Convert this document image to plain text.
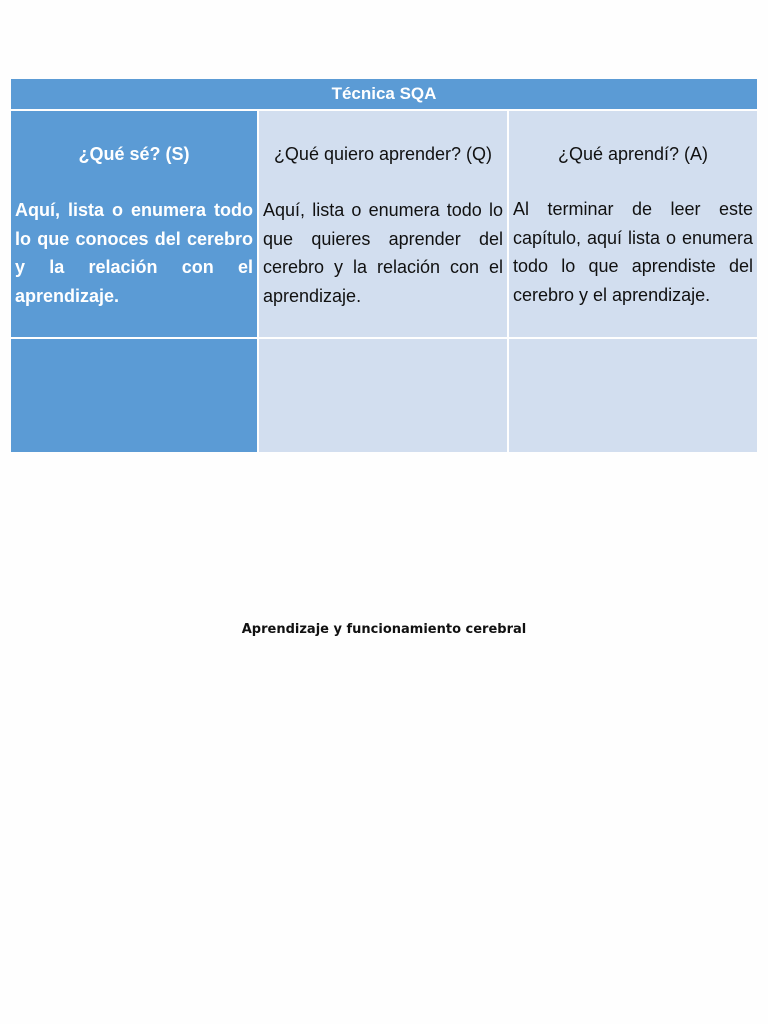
Técnica SQA
¿Qué sé? (S)
Aquí, lista o enumera todo lo que conoces del cerebro y la relación con el aprendizaje.
¿Qué quiero aprender? (Q)
Aquí, lista o enumera todo lo que quieres aprender del cerebro y la relación con el aprendizaje.
¿Qué aprendí? (A)
Al terminar de leer este capítulo, aquí lista o enumera todo lo que aprendiste del cerebro y el aprendizaje.
Aprendizaje y funcionamiento cerebral
